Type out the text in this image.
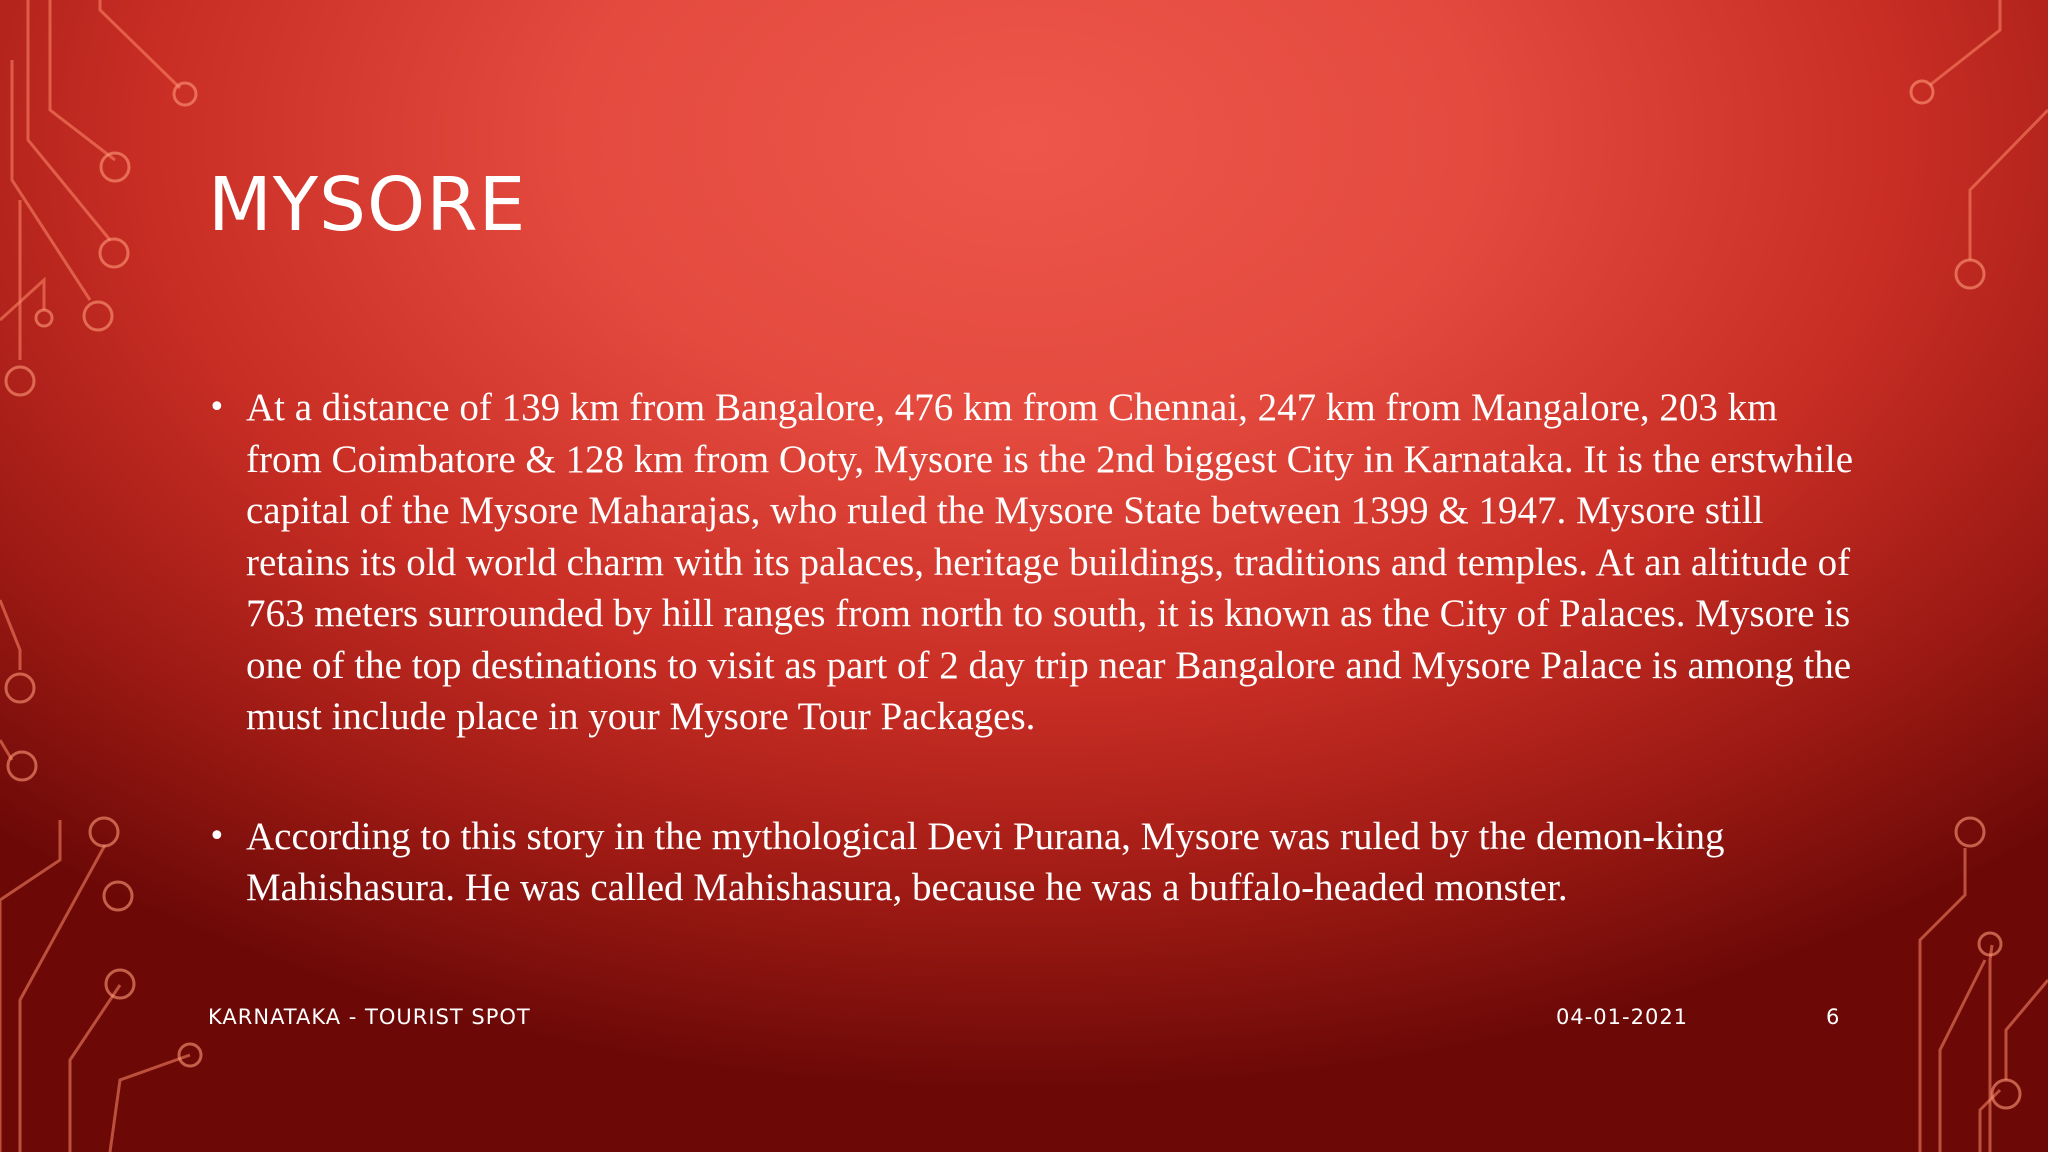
MYSORE
• At a distance of 139 km from Bangalore, 476 km from Chennai, 247 km from Mangalore, 203 km from Coimbatore & 128 km from Ooty, Mysore is the 2nd biggest City in Karnataka. It is the erstwhile capital of the Mysore Maharajas, who ruled the Mysore State between 1399 & 1947. Mysore still retains its old world charm with its palaces, heritage buildings, traditions and temples. At an altitude of 763 meters surrounded by hill ranges from north to south, it is known as the City of Palaces. Mysore is one of the top destinations to visit as part of 2 day trip near Bangalore and Mysore Palace is among the must include place in your Mysore Tour Packages.
• According to this story in the mythological Devi Purana, Mysore was ruled by the demon-king Mahishasura. He was called Mahishasura, because he was a buffalo-headed monster.
KARNATAKA - TOURIST SPOT	04-01-2021	6
